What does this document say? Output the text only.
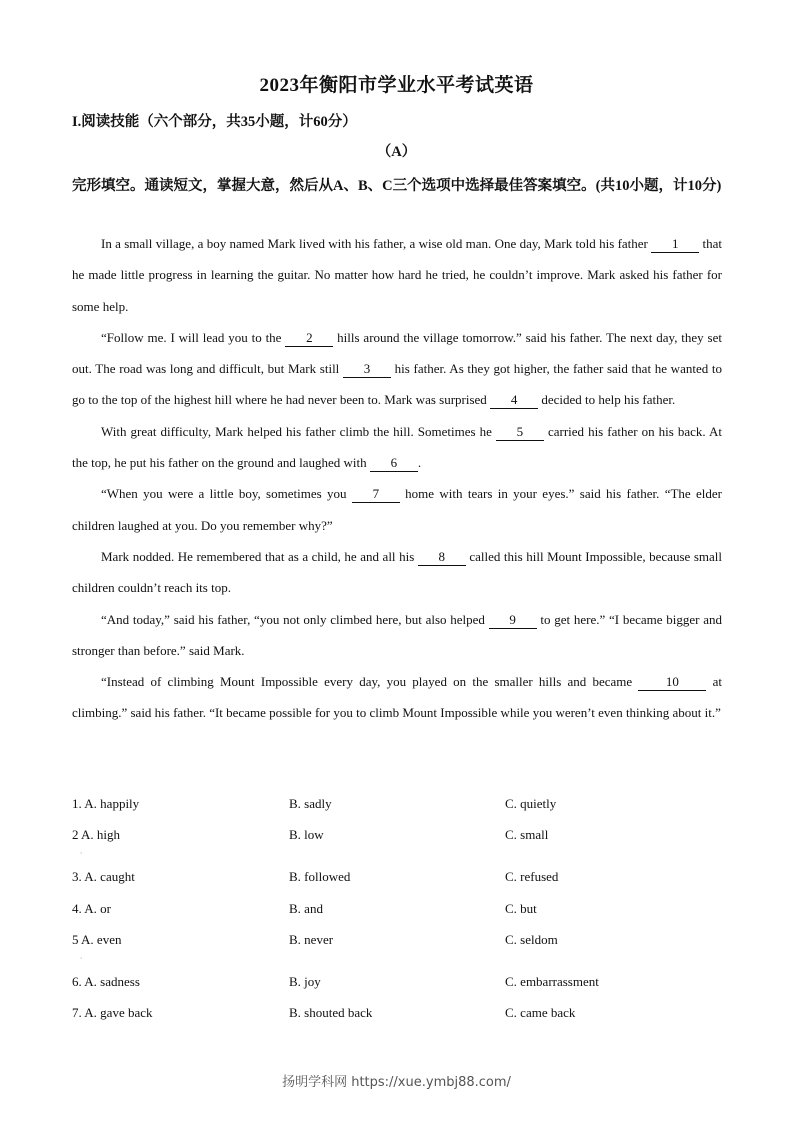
2023年衡阳市学业水平考试英语
I.阅读技能（六个部分，共35小题，计60分）
（A）
完形填空。通读短文，掌握大意，然后从A、B、C三个选项中选择最佳答案填空。(共10小题，计10分)

In a small village, a boy named Mark lived with his father, a wise old man. One day, Mark told his father 1 that he made little progress in learning the guitar. No matter how hard he tried, he couldn’t improve. Mark asked his father for some help.

“Follow me. I will lead you to the 2 hills around the village tomorrow.” said his father. The next day, they set out. The road was long and difficult, but Mark still 3 his father. As they got higher, the father said that he wanted to go to the top of the highest hill where he had never been to. Mark was surprised 4 decided to help his father.

With great difficulty, Mark helped his father climb the hill. Sometimes he 5 carried his father on his back. At the top, he put his father on the ground and laughed with 6 .

“When you were a little boy, sometimes you 7 home with tears in your eyes.” said his father. “The elder children laughed at you. Do you remember why?”

Mark nodded. He remembered that as a child, he and all his 8 called this hill Mount Impossible, because small children couldn’t reach its top.

“And today,” said his father, “you not only climbed here, but also helped 9 to get here.” “I became bigger and stronger than before.” said Mark.

“Instead of climbing Mount Impossible every day, you played on the smaller hills and became 10 at climbing.” said his father. “It became possible for you to climb Mount Impossible while you weren’t even thinking about it.”

1. A. happily	B. sadly	C. quietly
2 A. high	B. low	C. small
·
3. A. caught	B. followed	C. refused
4. A. or	B. and	C. but
5 A. even	B. never	C. seldom
·
6. A. sadness	B. joy	C. embarrassment
7. A. gave back	B. shouted back	C. came back
扬明学科网 https://xue.ymbj88.com/
